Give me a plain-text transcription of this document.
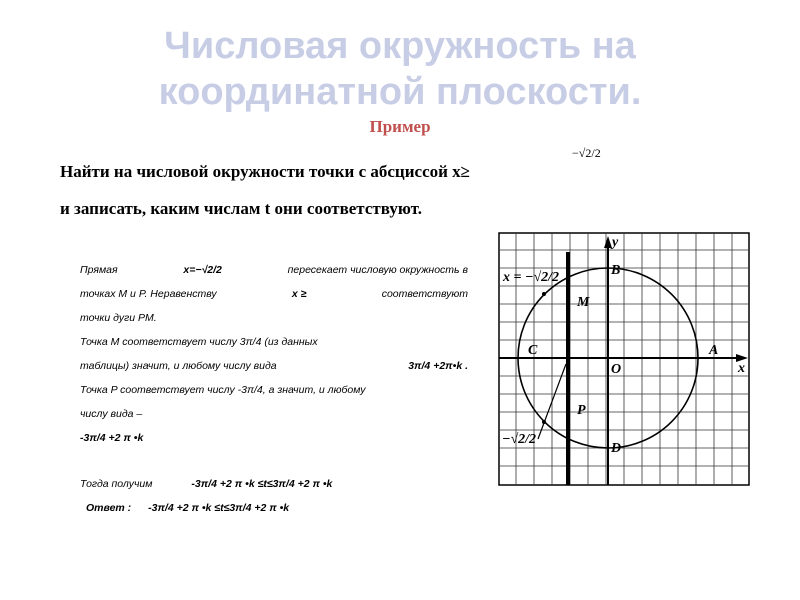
Числовая окружность на
координатной плоскости.
Пример
Найти на числовой окружности точки с абсциссой x≥
−√2/2
и записать, каким числам t они соответствуют.
Прямая	x=−√2/2	пересекает числовую окружность в
точках M и P. Неравенству	x ≥	соответствуют
точки дуги PM.
Точка M соответствует числу 3π/4 (из данных
таблицы) значит, и любому числу вида	3π/4 +2π•k .
Точка P соответствует числу -3π/4, а значит, и любому
числу вида –
-3π/4 +2 π •k
Тогда получим	-3π/4 +2 π •k ≤t≤3π/4 +2 π •k
Ответ : -3π/4 +2 π •k ≤t≤3π/4 +2 π •k
x = −√2/2
−√2/2
x
y
A
B
C
D
O
M
P
